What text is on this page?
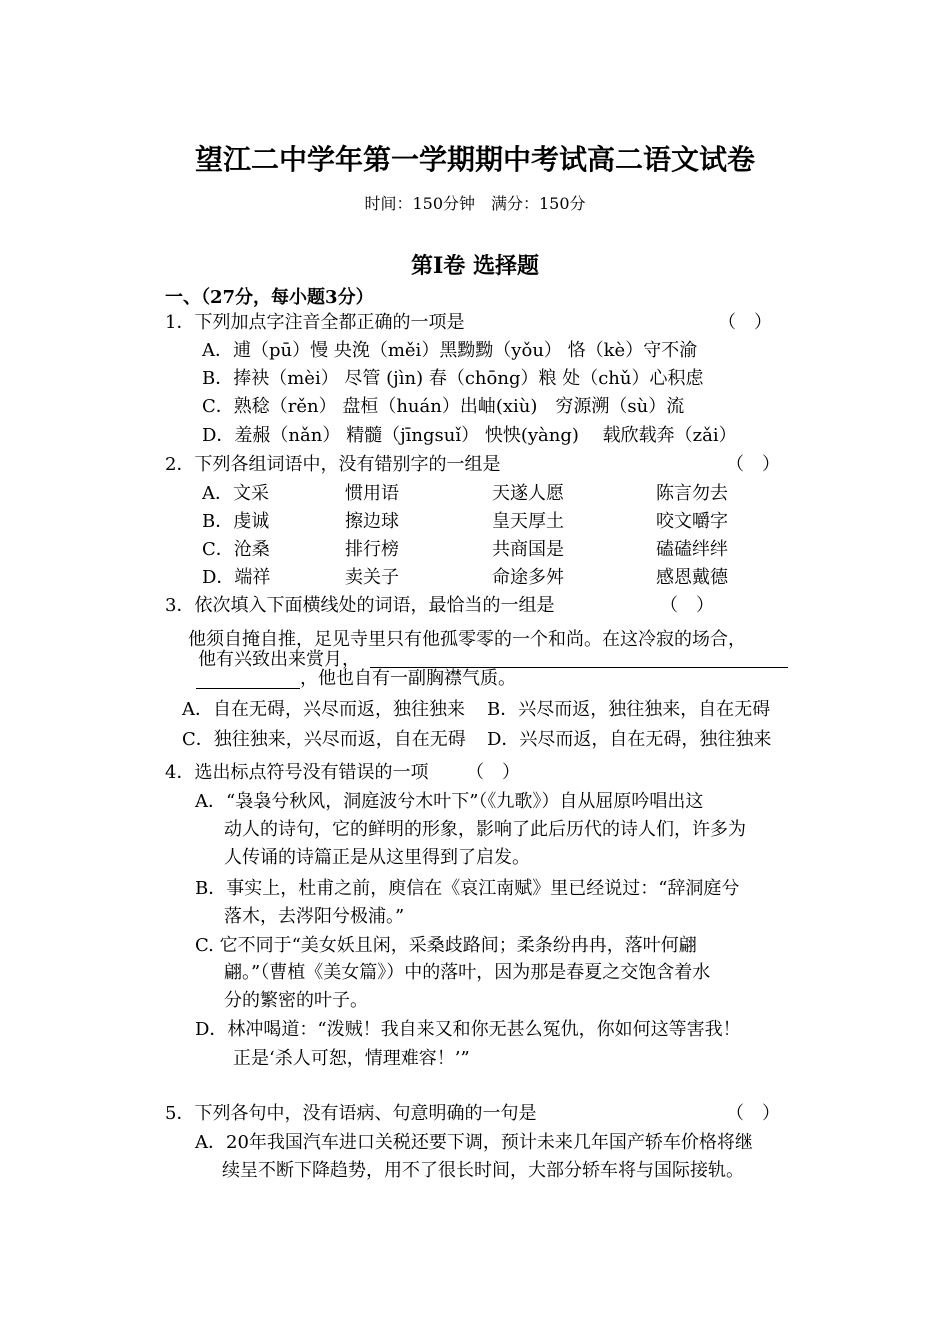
望江二中学年第一学期期中考试高二语文试卷
时间：150分钟　满分：150分
第Ⅰ卷 选择题
一、（27分，每小题3分）
1．下列加点字注音全都正确的一项是	（　）
A．逋（pū）慢 央浼（měi）黑黝黝（yǒu） 恪（kè）守不渝
B．捧袂（mèi） 尽管 (jìn) 春（chōng）粮 处（chǔ）心积虑
C．熟稔（rěn） 盘桓（huán）出岫(xiù)　穷源溯（sù）流
D．羞赧（nǎn） 精髓（jīngsuǐ） 怏怏(yàng)　 载欣载奔（zǎi）
2．下列各组词语中，没有错别字的一组是	（　）
A．文采	惯用语	天遂人愿	陈言勿去
B．虔诚	擦边球	皇天厚土	咬文嚼字
C．沧桑	排行榜	共商国是	磕磕绊绊
D．端祥	卖关子	命途多舛	感恩戴德
3．依次填入下面横线处的词语，最恰当的一组是	（　）
他须自掩自推，足见寺里只有他孤零零的一个和尚。在这冷寂的场合，
他有兴致出来赏月，
，他也自有一副胸襟气质。
A．自在无碍，兴尽而返，独往独来 B．兴尽而返，独往独来，自在无碍
C．独往独来，兴尽而返，自在无碍 D．兴尽而返，自在无碍，独往独来
4．选出标点符号没有错误的一项 （　）
A．“袅袅兮秋风，洞庭波兮木叶下”（《九歌》）自从屈原吟唱出这
动人的诗句，它的鲜明的形象，影响了此后历代的诗人们，许多为
人传诵的诗篇正是从这里得到了启发。
B．事实上，杜甫之前，庾信在《哀江南赋》里已经说过：“辞洞庭兮
落木，去涔阳兮极浦。”
C. 它不同于“美女妖且闲，采桑歧路间；柔条纷冉冉，落叶何翩
翩。”（曹植《美女篇》）中的落叶，因为那是春夏之交饱含着水
分的繁密的叶子。
D．林冲喝道：“泼贼！我自来又和你无甚么冤仇，你如何这等害我！
正是‘杀人可恕，情理难容！’”
5．下列各句中，没有语病、句意明确的一句是	（　）
A．20年我国汽车进口关税还要下调，预计未来几年国产轿车价格将继
续呈不断下降趋势，用不了很长时间，大部分轿车将与国际接轨。
